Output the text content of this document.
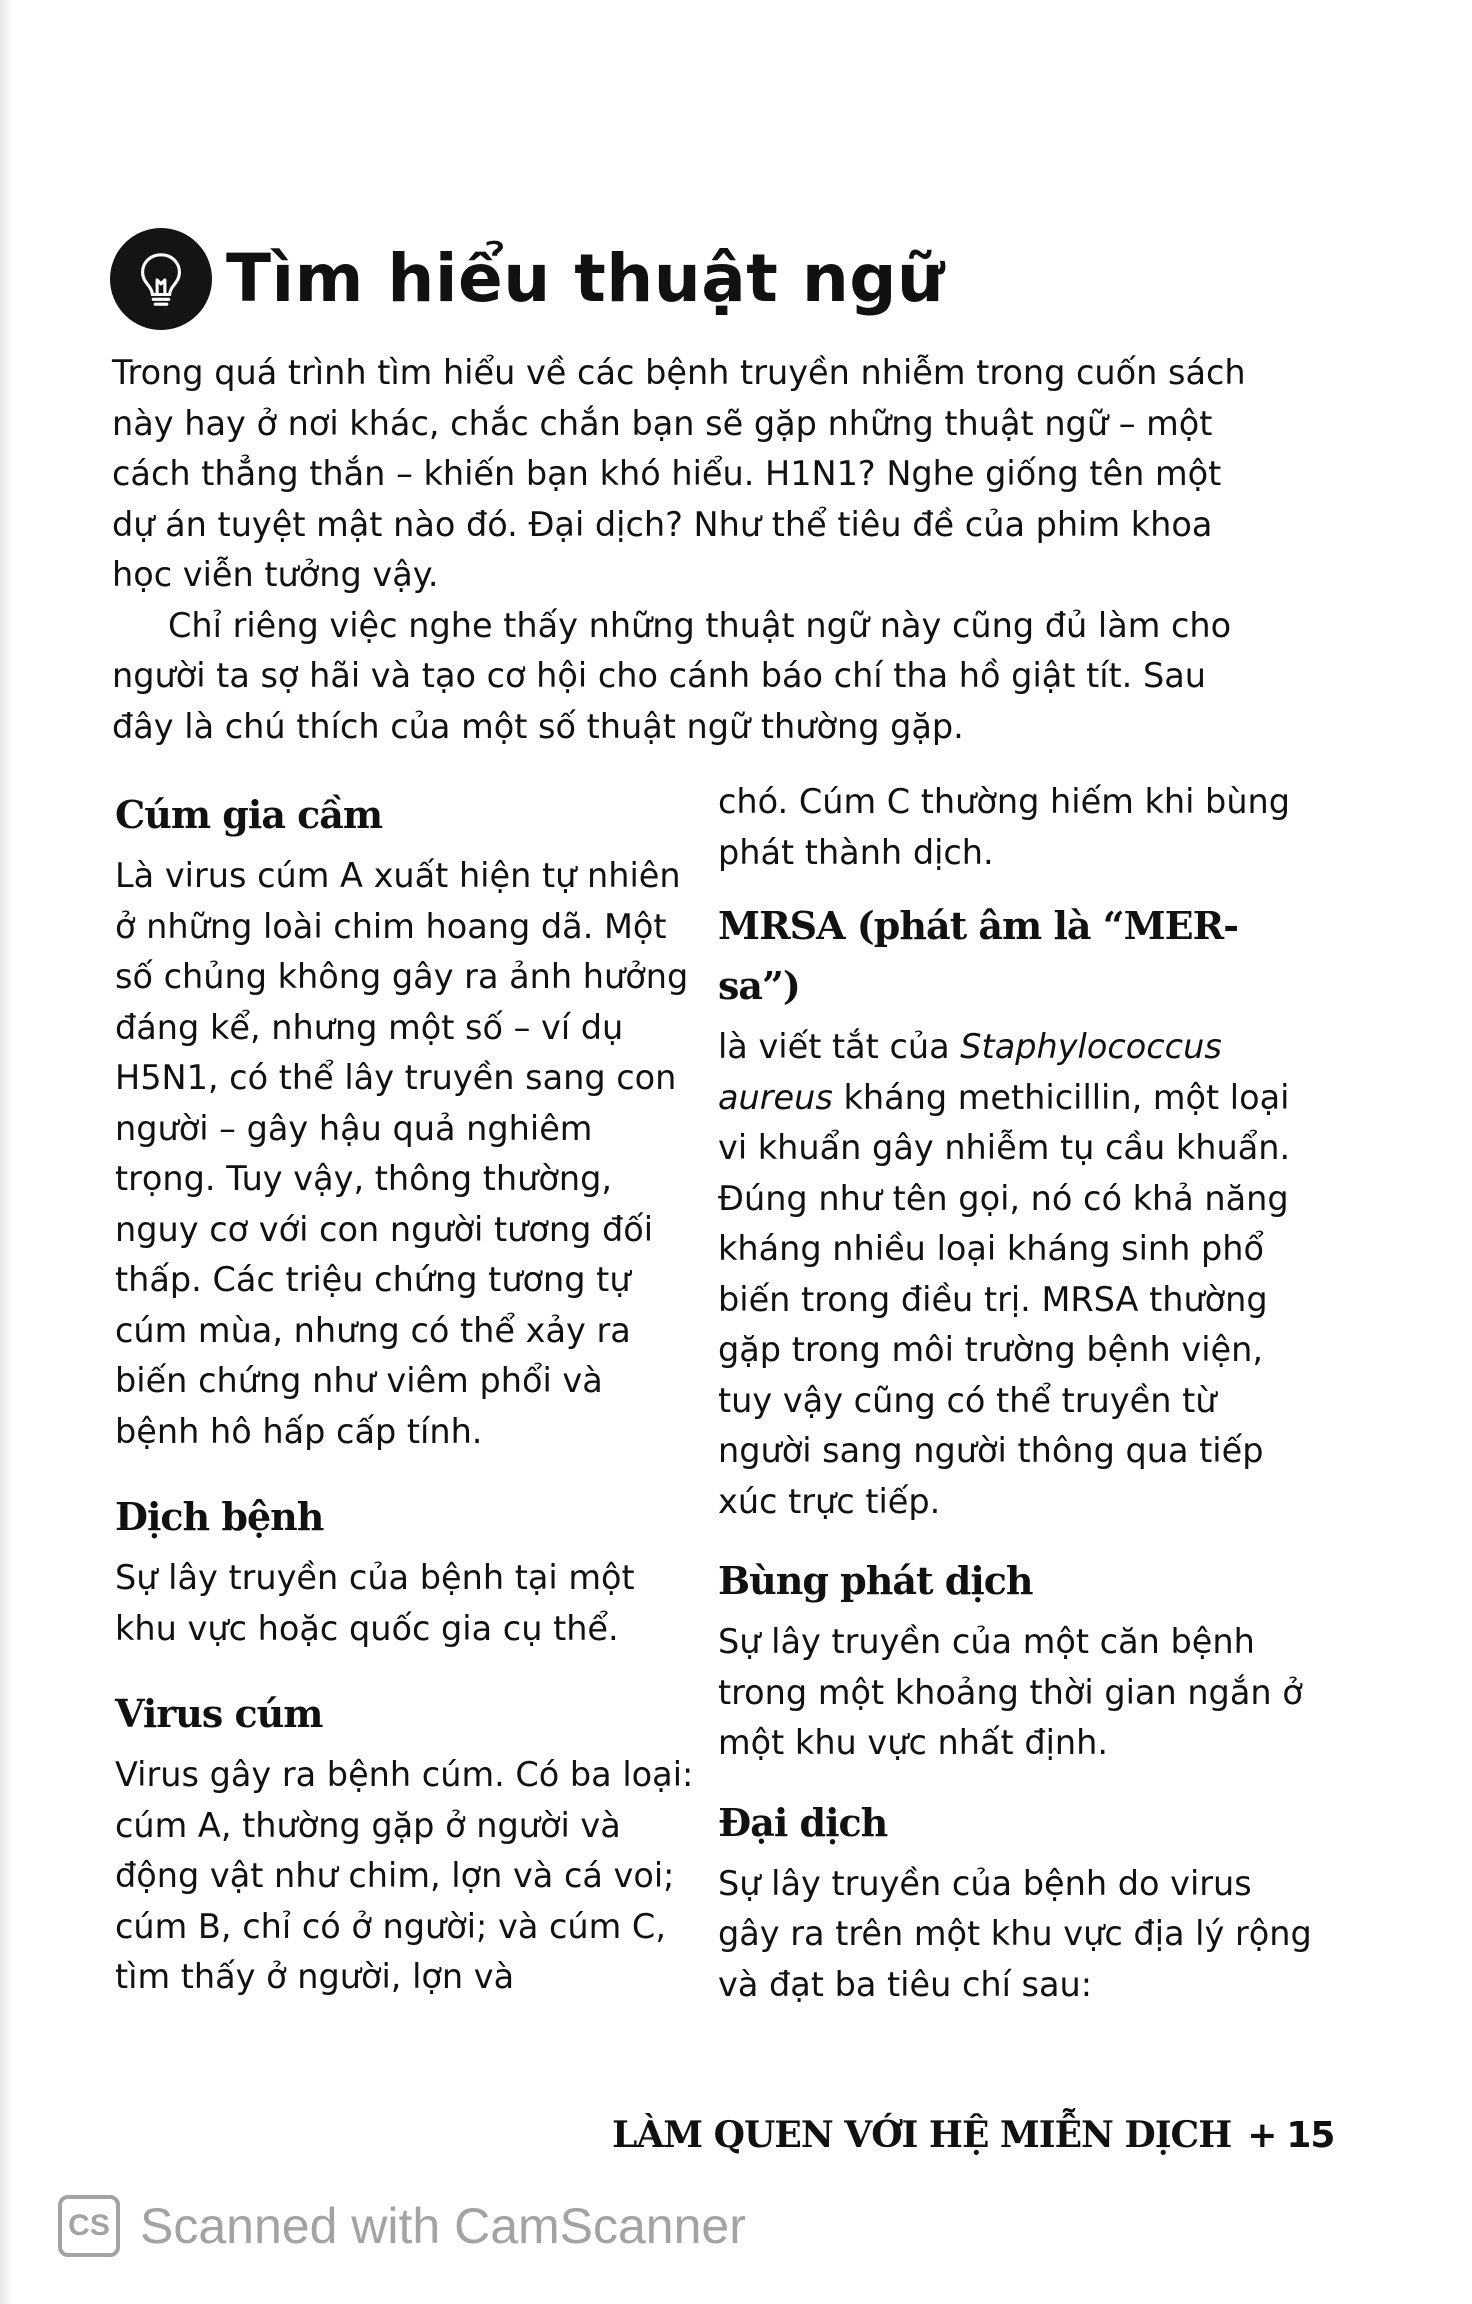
Tìm hiểu thuật ngữ

Trong quá trình tìm hiểu về các bệnh truyền nhiễm trong cuốn sách này hay ở nơi khác, chắc chắn bạn sẽ gặp những thuật ngữ – một cách thẳng thắn – khiến bạn khó hiểu. H1N1? Nghe giống tên một dự án tuyệt mật nào đó. Đại dịch? Như thể tiêu đề của phim khoa học viễn tưởng vậy.

Chỉ riêng việc nghe thấy những thuật ngữ này cũng đủ làm cho người ta sợ hãi và tạo cơ hội cho cánh báo chí tha hồ giật tít. Sau đây là chú thích của một số thuật ngữ thường gặp.

Cúm gia cầm

Là virus cúm A xuất hiện tự nhiên ở những loài chim hoang dã. Một số chủng không gây ra ảnh hưởng đáng kể, nhưng một số – ví dụ H5N1, có thể lây truyền sang con người – gây hậu quả nghiêm trọng. Tuy vậy, thông thường, nguy cơ với con người tương đối thấp. Các triệu chứng tương tự cúm mùa, nhưng có thể xảy ra biến chứng như viêm phổi và bệnh hô hấp cấp tính.

Dịch bệnh

Sự lây truyền của bệnh tại một khu vực hoặc quốc gia cụ thể.

Virus cúm

Virus gây ra bệnh cúm. Có ba loại: cúm A, thường gặp ở người và động vật như chim, lợn và cá voi; cúm B, chỉ có ở người; và cúm C, tìm thấy ở người, lợn và

chó. Cúm C thường hiếm khi bùng phát thành dịch.

MRSA (phát âm là “MER-sa”)

là viết tắt của Staphylococcus aureus kháng methicillin, một loại vi khuẩn gây nhiễm tụ cầu khuẩn. Đúng như tên gọi, nó có khả năng kháng nhiều loại kháng sinh phổ biến trong điều trị. MRSA thường gặp trong môi trường bệnh viện, tuy vậy cũng có thể truyền từ người sang người thông qua tiếp xúc trực tiếp.

Bùng phát dịch

Sự lây truyền của một căn bệnh trong một khoảng thời gian ngắn ở một khu vực nhất định.

Đại dịch

Sự lây truyền của bệnh do virus gây ra trên một khu vực địa lý rộng và đạt ba tiêu chí sau:

LÀM QUEN VỚI HỆ MIỄN DỊCH + 15
CS Scanned with CamScanner
